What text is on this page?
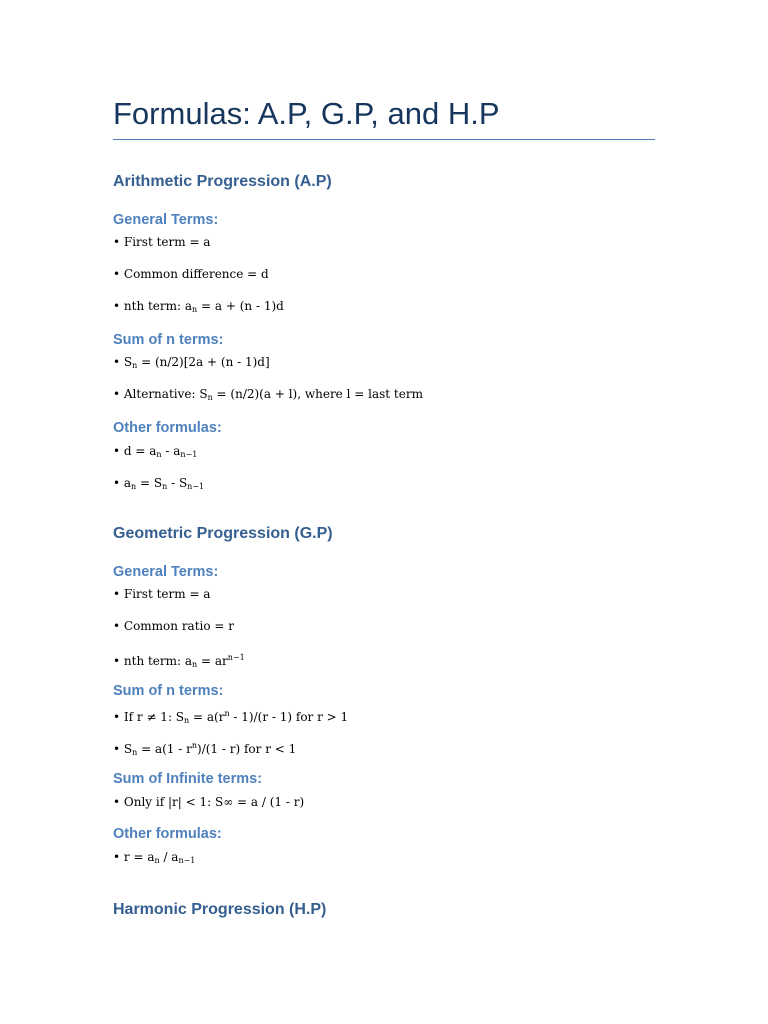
Formulas: A.P, G.P, and H.P
Arithmetic Progression (A.P)
General Terms:
• First term = a
• Common difference = d
• nth term: $a_n = a + (n - 1)d$
Sum of n terms:
• $S_n = (n/2)[2a + (n - 1)d]$
• Alternative: $S_n = (n/2)(a + l)$, where l = last term
Other formulas:
• $d = a_n - a_{n-1}$
• $a_n = S_n - S_{n-1}$
Geometric Progression (G.P)
General Terms:
• First term = a
• Common ratio = r
• nth term: $a_n = ar^{n-1}$
Sum of n terms:
• If r ≠ 1: $S_n = a(r^n - 1)/(r - 1)$ for r > 1
• $S_n = a(1 - r^n)/(1 - r)$ for r < 1
Sum of Infinite terms:
• Only if |r| < 1: S∞ = a / (1 - r)
Other formulas:
• $r = a_n / a_{n-1}$
Harmonic Progression (H.P)
